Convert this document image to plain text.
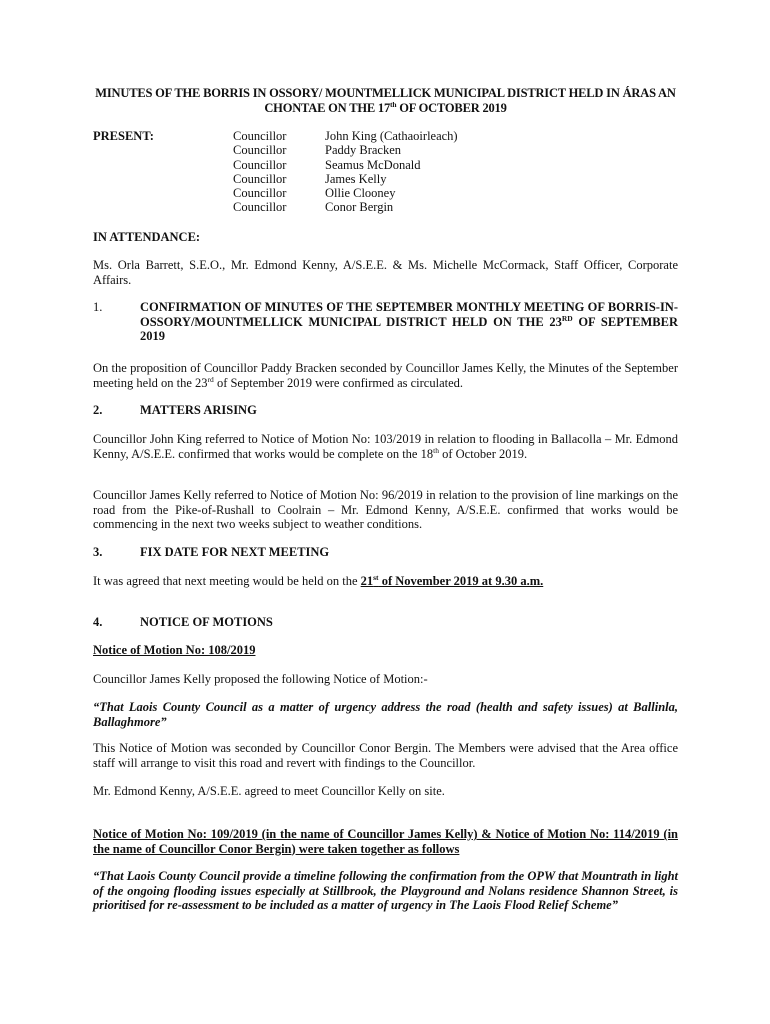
MINUTES OF THE BORRIS IN OSSORY/ MOUNTMELLICK MUNICIPAL DISTRICT HELD IN ÁRAS AN
CHONTAE ON THE 17th OF OCTOBER 2019
PRESENT:	Councillor	John King (Cathaoirleach)
Councillor	Paddy Bracken
Councillor	Seamus McDonald
Councillor	James Kelly
Councillor	Ollie Clooney
Councillor	Conor Bergin
IN ATTENDANCE:
Ms. Orla Barrett, S.E.O., Mr. Edmond Kenny, A/S.E.E. & Ms. Michelle McCormack, Staff Officer, Corporate Affairs.
1.	CONFIRMATION OF MINUTES OF THE SEPTEMBER MONTHLY MEETING OF BORRIS-IN-OSSORY/MOUNTMELLICK MUNICIPAL DISTRICT HELD ON THE 23RD OF SEPTEMBER 2019
On the proposition of Councillor Paddy Bracken seconded by Councillor James Kelly, the Minutes of the September meeting held on the 23rd of September 2019 were confirmed as circulated.
2.	MATTERS ARISING
Councillor John King referred to Notice of Motion No: 103/2019 in relation to flooding in Ballacolla – Mr. Edmond Kenny, A/S.E.E. confirmed that works would be complete on the 18th of October 2019.
Councillor James Kelly referred to Notice of Motion No: 96/2019 in relation to the provision of line markings on the road from the Pike-of-Rushall to Coolrain – Mr. Edmond Kenny, A/S.E.E. confirmed that works would be commencing in the next two weeks subject to weather conditions.
3.	FIX DATE FOR NEXT MEETING
It was agreed that next meeting would be held on the 21st of November 2019 at 9.30 a.m.
4.	NOTICE OF MOTIONS
Notice of Motion No: 108/2019
Councillor James Kelly proposed the following Notice of Motion:-
“That Laois County Council as a matter of urgency address the road (health and safety issues) at Ballinla, Ballaghmore”
This Notice of Motion was seconded by Councillor Conor Bergin. The Members were advised that the Area office staff will arrange to visit this road and revert with findings to the Councillor.
Mr. Edmond Kenny, A/S.E.E. agreed to meet Councillor Kelly on site.
Notice of Motion No: 109/2019 (in the name of Councillor James Kelly) & Notice of Motion No: 114/2019 (in the name of Councillor Conor Bergin) were taken together as follows
“That Laois County Council provide a timeline following the confirmation from the OPW that Mountrath in light of the ongoing flooding issues especially at Stillbrook, the Playground and Nolans residence Shannon Street, is prioritised for re-assessment to be included as a matter of urgency in The Laois Flood Relief Scheme”
